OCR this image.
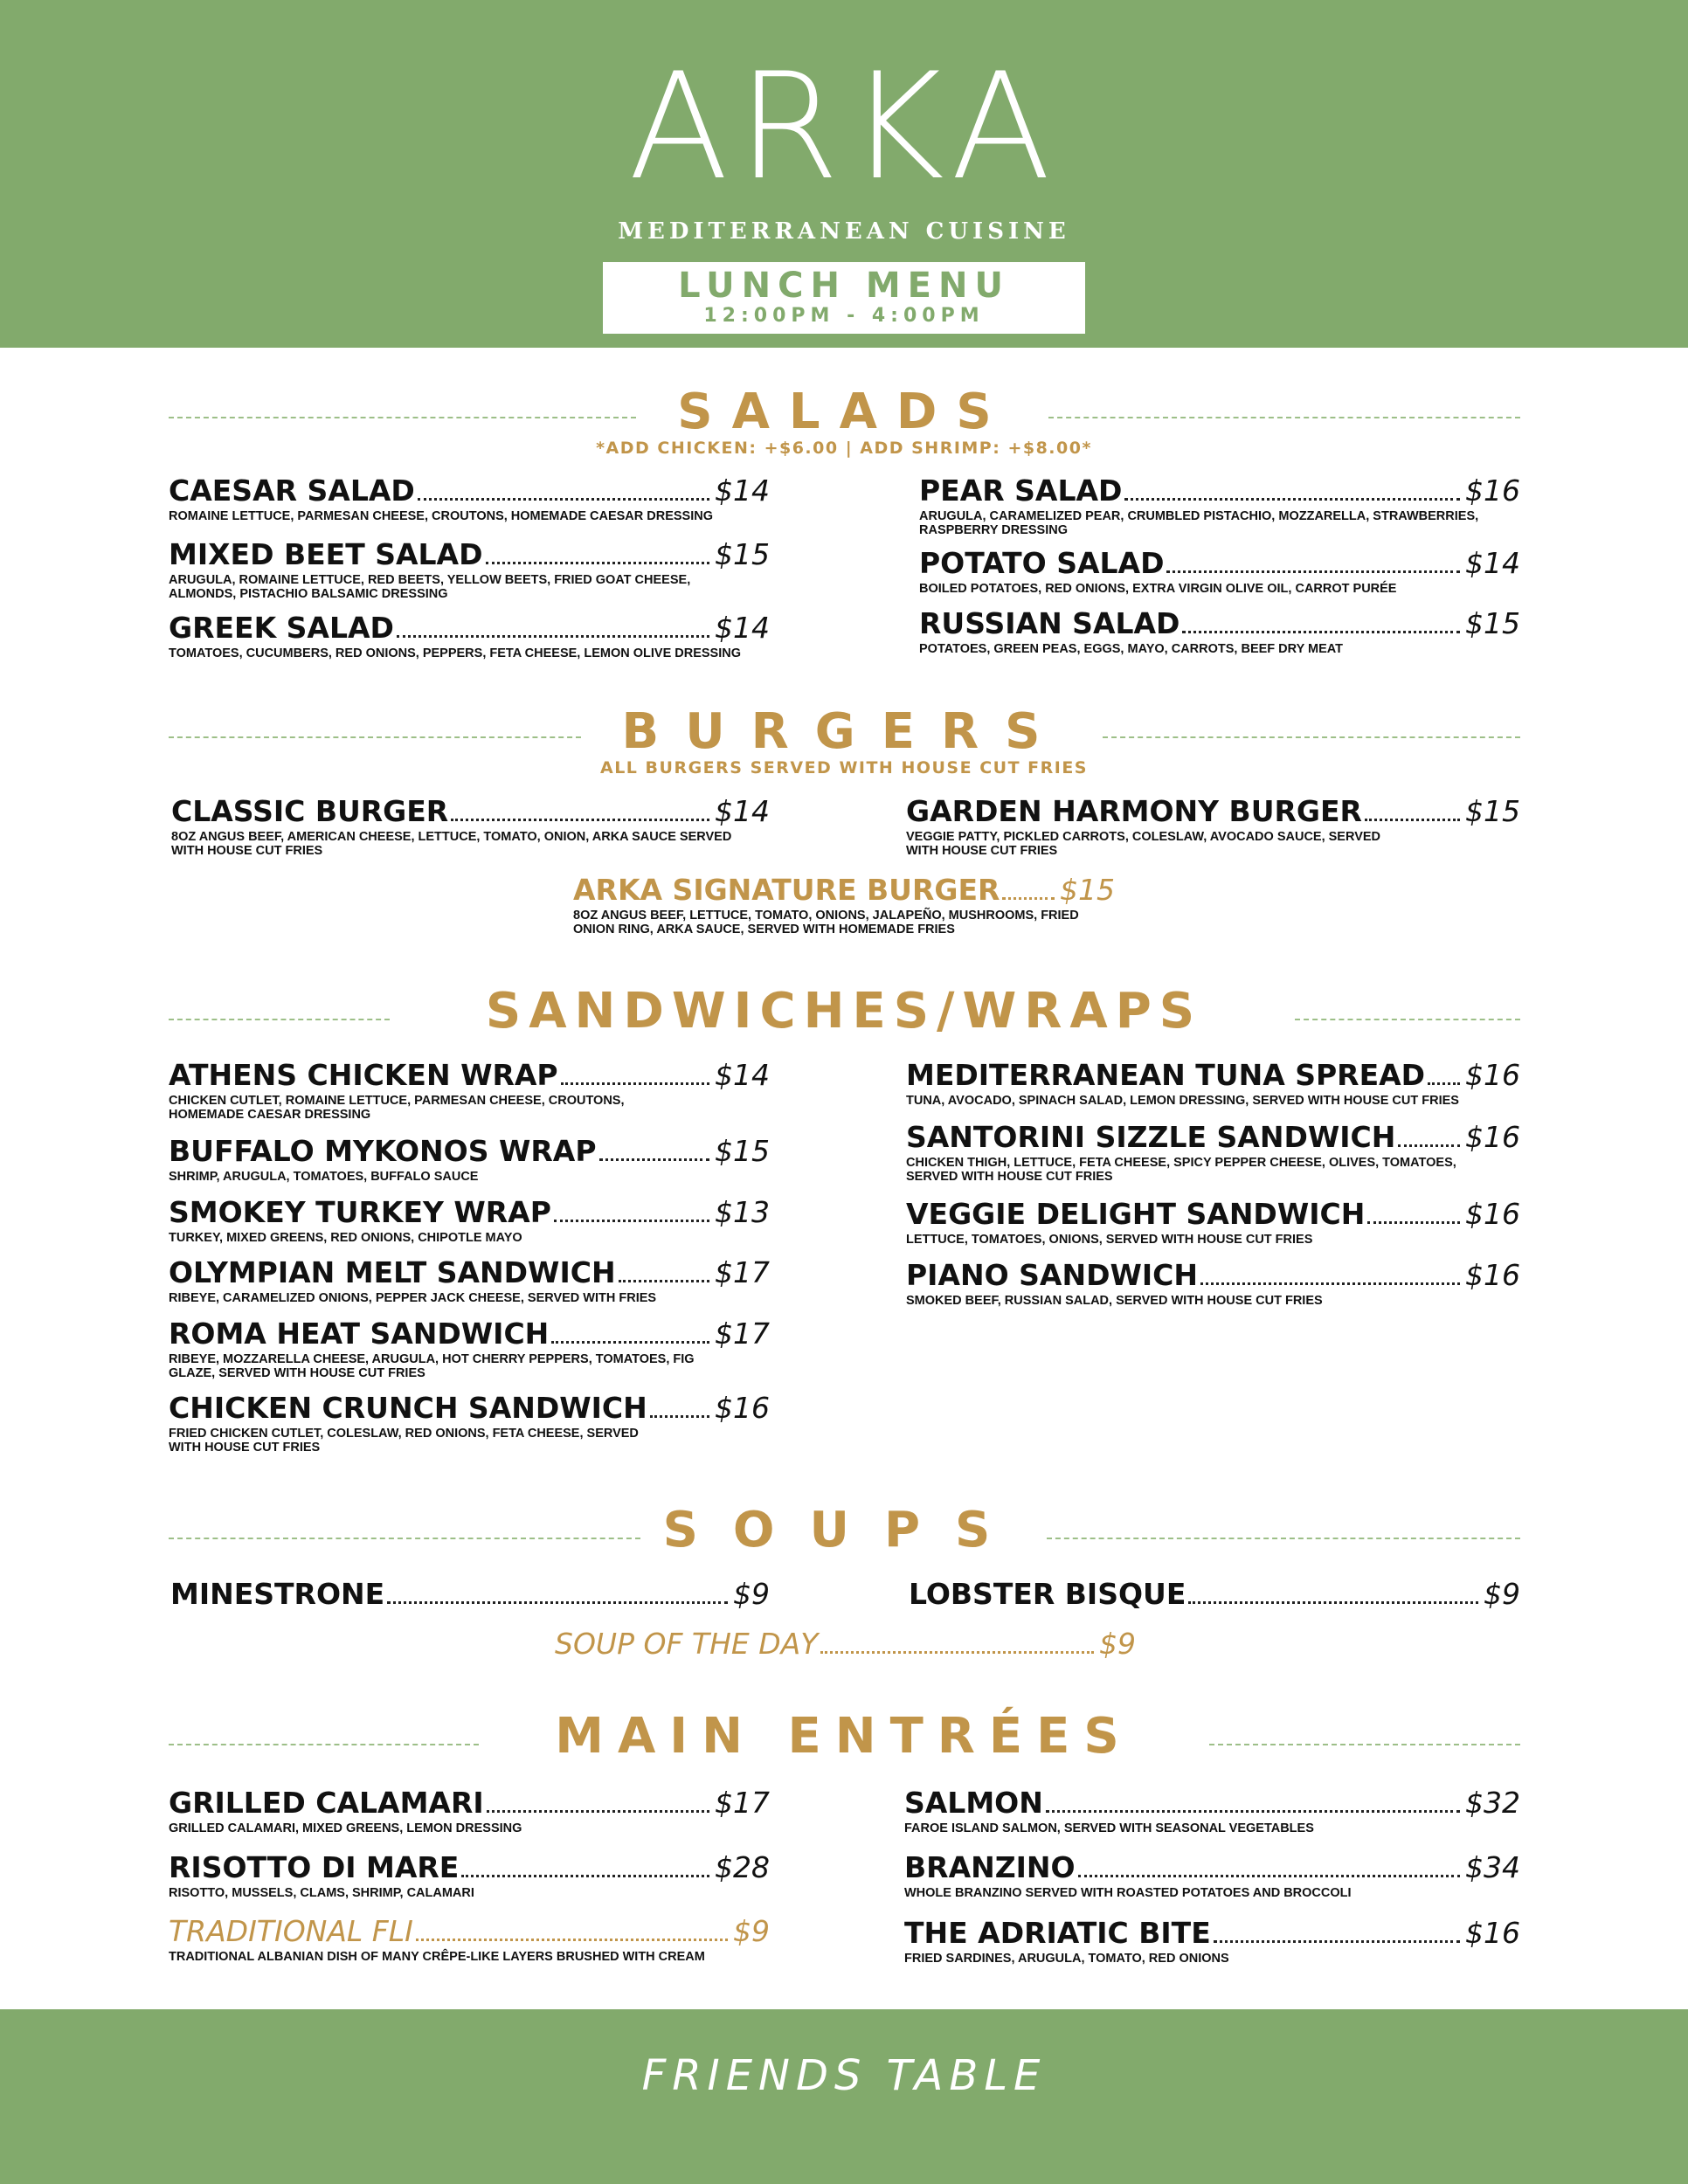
ARKA
MEDITERRANEAN CUISINE
LUNCH MENU
12:00PM - 4:00PM
SALADS
*ADD CHICKEN: +$6.00 | ADD SHRIMP: +$8.00*
CAESAR SALAD	$14
ROMAINE LETTUCE, PARMESAN CHEESE, CROUTONS, HOMEMADE CAESAR DRESSING
MIXED BEET SALAD	$15
ARUGULA, ROMAINE LETTUCE, RED BEETS, YELLOW BEETS, FRIED GOAT CHEESE, ALMONDS, PISTACHIO BALSAMIC DRESSING
GREEK SALAD	$14
TOMATOES, CUCUMBERS, RED ONIONS, PEPPERS, FETA CHEESE, LEMON OLIVE DRESSING
PEAR SALAD	$16
ARUGULA, CARAMELIZED PEAR, CRUMBLED PISTACHIO, MOZZARELLA, STRAWBERRIES, RASPBERRY DRESSING
POTATO SALAD	$14
BOILED POTATOES, RED ONIONS, EXTRA VIRGIN OLIVE OIL, CARROT PURÉE
RUSSIAN SALAD	$15
POTATOES, GREEN PEAS, EGGS, MAYO, CARROTS, BEEF DRY MEAT
BURGERS
ALL BURGERS SERVED WITH HOUSE CUT FRIES
CLASSIC BURGER	$14
8OZ ANGUS BEEF, AMERICAN CHEESE, LETTUCE, TOMATO, ONION, ARKA SAUCE SERVED WITH HOUSE CUT FRIES
GARDEN HARMONY BURGER	$15
VEGGIE PATTY, PICKLED CARROTS, COLESLAW, AVOCADO SAUCE, SERVED WITH HOUSE CUT FRIES
ARKA SIGNATURE BURGER $15
8OZ ANGUS BEEF, LETTUCE, TOMATO, ONIONS, JALAPEÑO, MUSHROOMS, FRIED ONION RING, ARKA SAUCE, SERVED WITH HOMEMADE FRIES
SANDWICHES/WRAPS
ATHENS CHICKEN WRAP	$14
CHICKEN CUTLET, ROMAINE LETTUCE, PARMESAN CHEESE, CROUTONS, HOMEMADE CAESAR DRESSING
BUFFALO MYKONOS WRAP	$15
SHRIMP, ARUGULA, TOMATOES, BUFFALO SAUCE
SMOKEY TURKEY WRAP	$13
TURKEY, MIXED GREENS, RED ONIONS, CHIPOTLE MAYO
OLYMPIAN MELT SANDWICH	$17
RIBEYE, CARAMELIZED ONIONS, PEPPER JACK CHEESE, SERVED WITH FRIES
ROMA HEAT SANDWICH	$17
RIBEYE, MOZZARELLA CHEESE, ARUGULA, HOT CHERRY PEPPERS, TOMATOES, FIG GLAZE, SERVED WITH HOUSE CUT FRIES
CHICKEN CRUNCH SANDWICH $16
FRIED CHICKEN CUTLET, COLESLAW, RED ONIONS, FETA CHEESE, SERVED WITH HOUSE CUT FRIES
MEDITERRANEAN TUNA SPREAD $16
TUNA, AVOCADO, SPINACH SALAD, LEMON DRESSING, SERVED WITH HOUSE CUT FRIES
SANTORINI SIZZLE SANDWICH $16
CHICKEN THIGH, LETTUCE, FETA CHEESE, SPICY PEPPER CHEESE, OLIVES, TOMATOES, SERVED WITH HOUSE CUT FRIES
VEGGIE DELIGHT SANDWICH	$16
LETTUCE, TOMATOES, ONIONS, SERVED WITH HOUSE CUT FRIES
PIANO SANDWICH	$16
SMOKED BEEF, RUSSIAN SALAD, SERVED WITH HOUSE CUT FRIES
SOUPS
MINESTRONE	$9	LOBSTER BISQUE	$9
SOUP OF THE DAY	$9
MAIN ENTRÉES
GRILLED CALAMARI	$17
GRILLED CALAMARI, MIXED GREENS, LEMON DRESSING
RISOTTO DI MARE	$28
RISOTTO, MUSSELS, CLAMS, SHRIMP, CALAMARI
TRADITIONAL FLI	$9
TRADITIONAL ALBANIAN DISH OF MANY CRÊPE-LIKE LAYERS BRUSHED WITH CREAM
SALMON	$32
FAROE ISLAND SALMON, SERVED WITH SEASONAL VEGETABLES
BRANZINO	$34
WHOLE BRANZINO SERVED WITH ROASTED POTATOES AND BROCCOLI
THE ADRIATIC BITE	$16
FRIED SARDINES, ARUGULA, TOMATO, RED ONIONS
FRIENDS TABLE
